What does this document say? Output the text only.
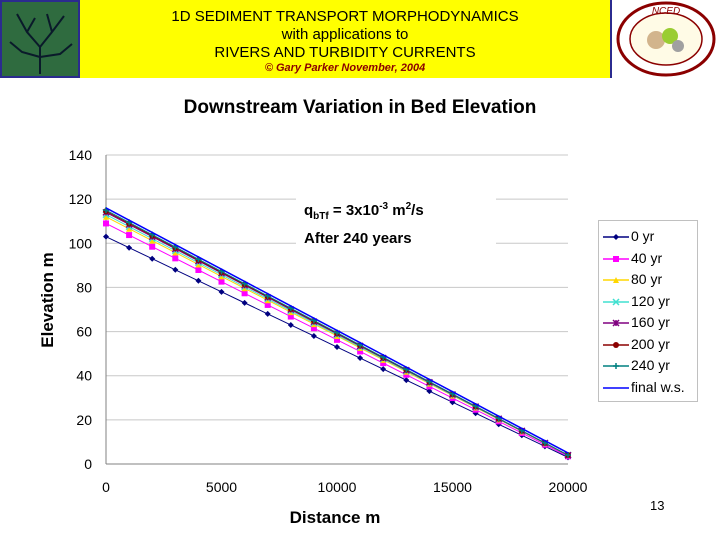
1D SEDIMENT TRANSPORT MORPHODYNAMICS
with applications to
RIVERS AND TURBIDITY CURRENTS
© Gary Parker November, 2004
NCED
Downstream Variation in Bed Elevation
Elevation m
Distance m
0
20
40
60
80
100
120
140
0	5000	10000	15000	20000
$q_{bTf} = 3x10^{-3}$ $m^2/s$
After 240 years	0 yr
40 yr
80 yr
120 yr
160 yr
200 yr
240 yr
final w.s.
13
